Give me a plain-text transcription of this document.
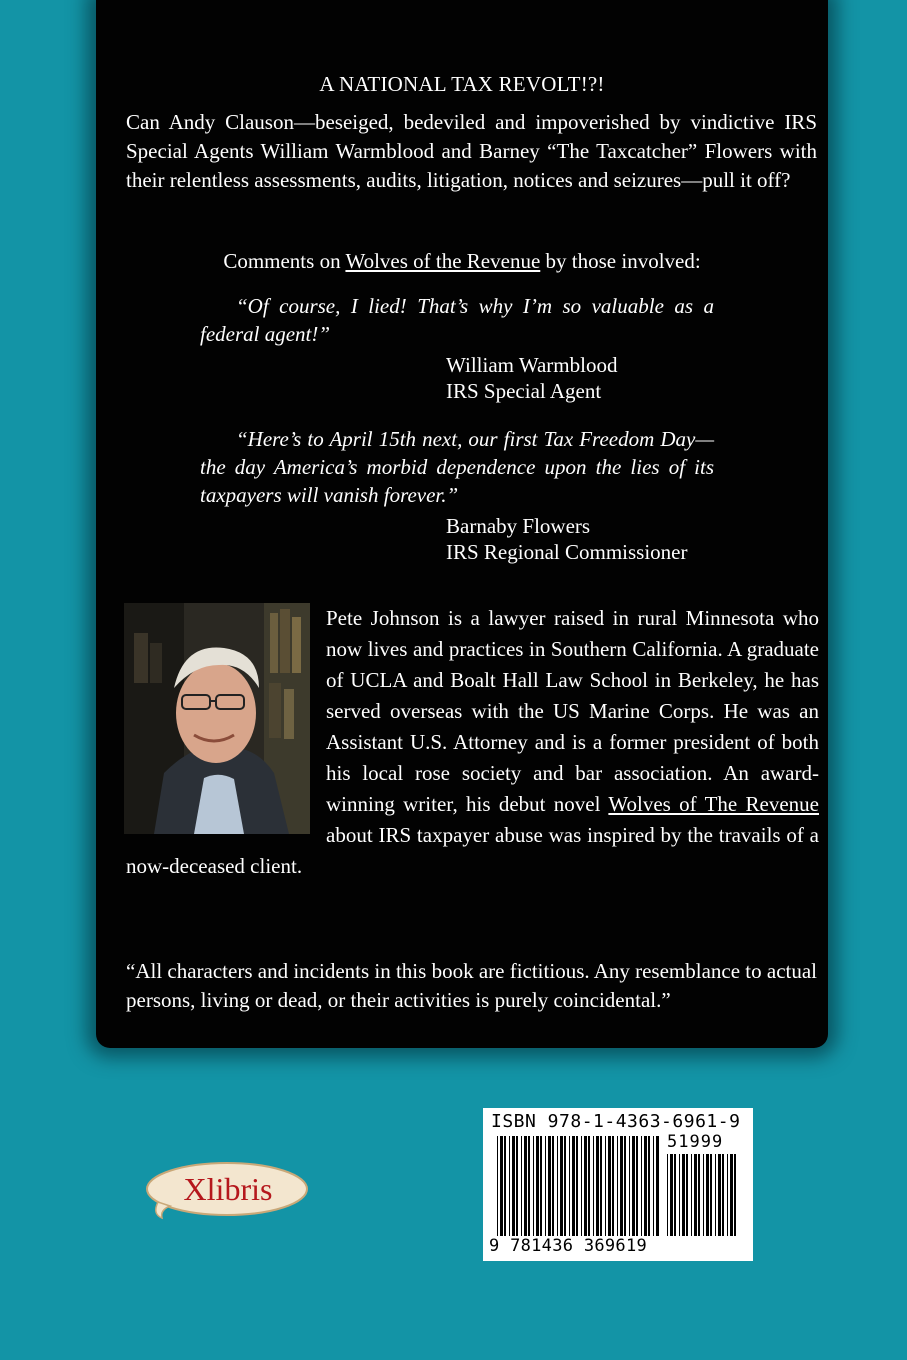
A NATIONAL TAX REVOLT!?!
Can Andy Clauson—beseiged, bedeviled and impoverished by vindictive IRS Special Agents William Warmblood and Barney “The Taxcatcher” Flowers with their relentless assessments, audits, litigation, notices and seizures—pull it off?
Comments on Wolves of the Revenue by those involved:
“Of course, I lied! That’s why I’m so valuable as a federal agent!”
William Warmblood
IRS Special Agent
“Here’s to April 15th next, our first Tax Freedom Day—the day America’s morbid dependence upon the lies of its taxpayers will vanish forever.”
Barnaby Flowers
IRS Regional Commissioner
Pete Johnson is a lawyer raised in rural Minnesota who now lives and practices in Southern California. A graduate of UCLA and Boalt Hall Law School in Berkeley, he has served overseas with the US Marine Corps. He was an Assistant U.S. Attorney and is a former president of both his local rose society and bar association. An award-winning writer, his debut novel Wolves of The Revenue about IRS taxpayer abuse was inspired by the travails of a now-deceased client.
“All characters and incidents in this book are fictitious. Any resemblance to actual persons, living or dead, or their activities is purely coincidental.”
Xlibris
ISBN 978-1-4363-6961-9
51999
9 781436 369619
